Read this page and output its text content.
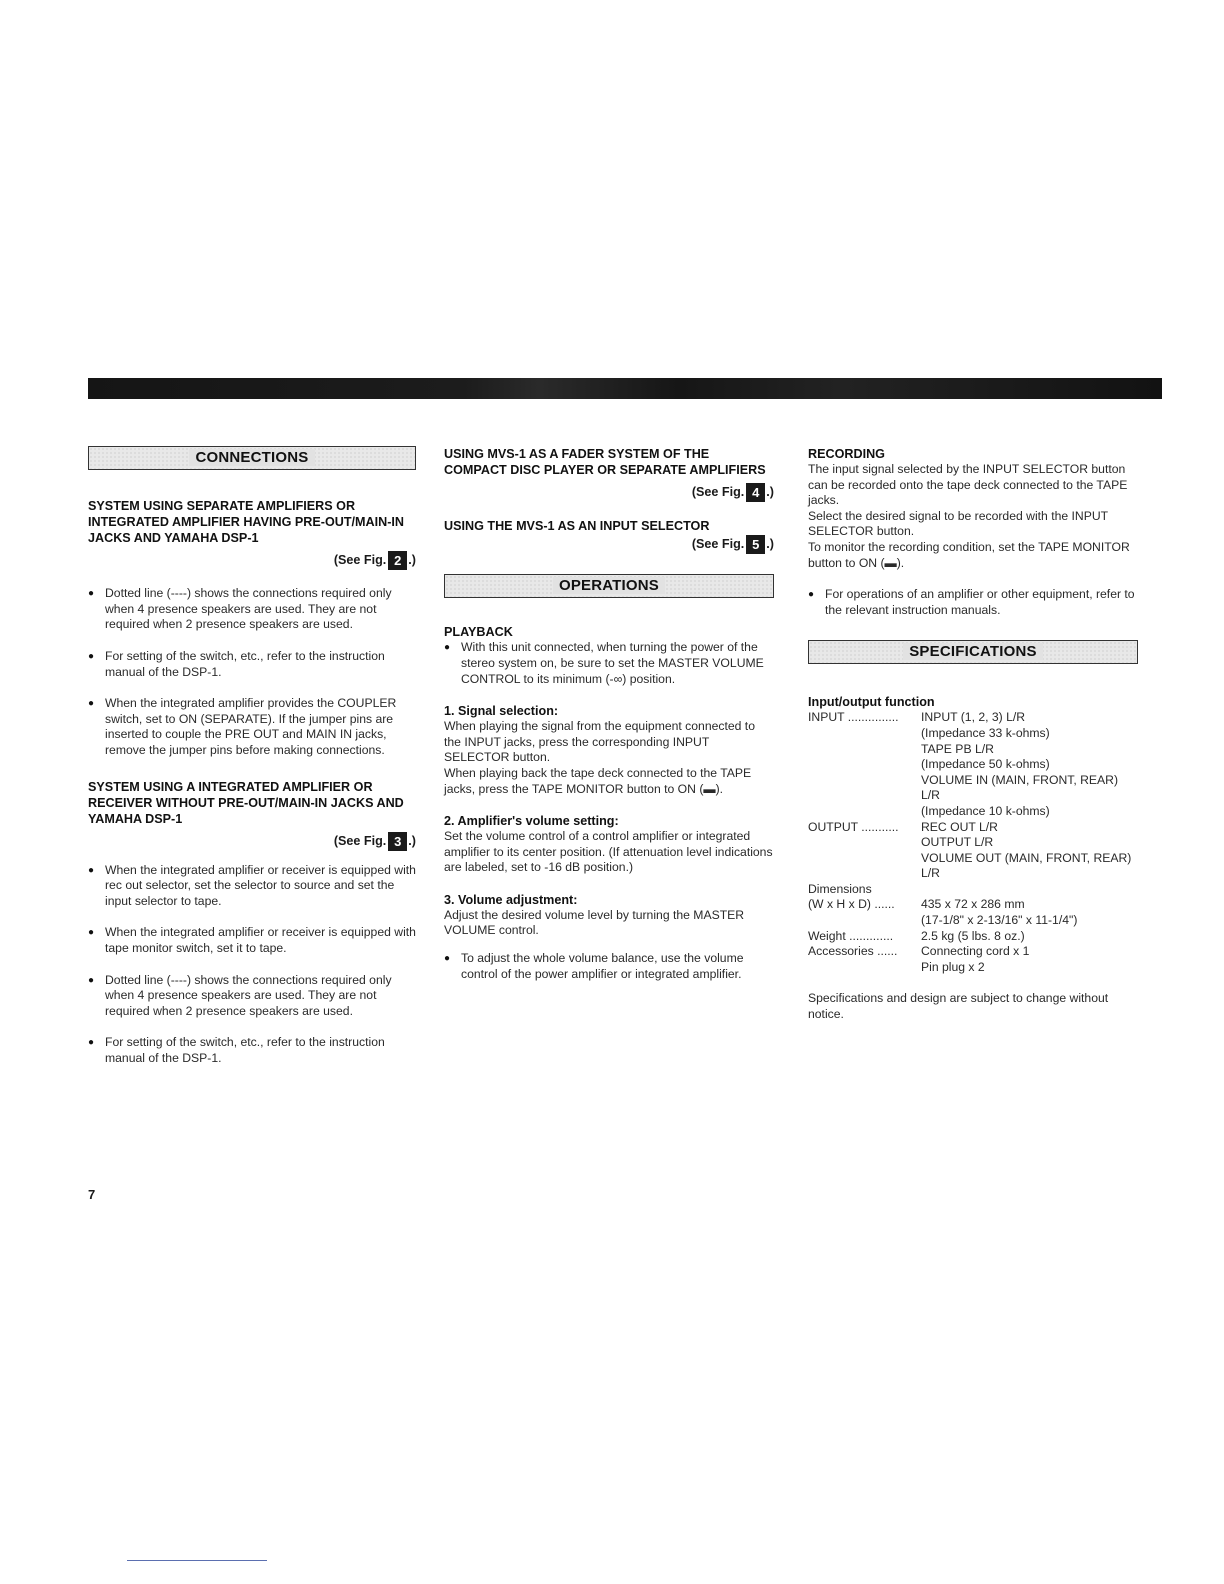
CONNECTIONS
SYSTEM USING SEPARATE AMPLIFIERS OR INTEGRATED AMPLIFIER HAVING PRE-OUT/MAIN-IN JACKS AND YAMAHA DSP-1
(See Fig. 2 .)
● Dotted line (----) shows the connections required only when 4 presence speakers are used. They are not required when 2 presence speakers are used.
● For setting of the switch, etc., refer to the instruction manual of the DSP-1.
● When the integrated amplifier provides the COUPLER switch, set to ON (SEPARATE). If the jumper pins are inserted to couple the PRE OUT and MAIN IN jacks, remove the jumper pins before making connections.
SYSTEM USING A INTEGRATED AMPLIFIER OR RECEIVER WITHOUT PRE-OUT/MAIN-IN JACKS AND YAMAHA DSP-1
(See Fig. 3 .)
● When the integrated amplifier or receiver is equipped with rec out selector, set the selector to source and set the input selector to tape.
● When the integrated amplifier or receiver is equipped with tape monitor switch, set it to tape.
● Dotted line (----) shows the connections required only when 4 presence speakers are used. They are not required when 2 presence speakers are used.
● For setting of the switch, etc., refer to the instruction manual of the DSP-1.
USING MVS-1 AS A FADER SYSTEM OF THE COMPACT DISC PLAYER OR SEPARATE AMPLIFIERS
(See Fig. 4 .)
USING THE MVS-1 AS AN INPUT SELECTOR
(See Fig. 5 .)
OPERATIONS
PLAYBACK
● With this unit connected, when turning the power of the stereo system on, be sure to set the MASTER VOLUME CONTROL to its minimum (-∞) position.
1. Signal selection:

When playing the signal from the equipment connected to the INPUT jacks, press the corresponding INPUT SELECTOR button.

When playing back the tape deck connected to the TAPE jacks, press the TAPE MONITOR button to ON (▬).

2. Amplifier's volume setting:

Set the volume control of a control amplifier or integrated amplifier to its center position. (If attenuation level indications are labeled, set to -16 dB position.)

3. Volume adjustment:

Adjust the desired volume level by turning the MASTER VOLUME control.

● To adjust the whole volume balance, use the volume control of the power amplifier or integrated amplifier.
RECORDING

The input signal selected by the INPUT SELECTOR button can be recorded onto the tape deck connected to the TAPE jacks.

Select the desired signal to be recorded with the INPUT SELECTOR button.

To monitor the recording condition, set the TAPE MONITOR button to ON (▬).

● For operations of an amplifier or other equipment, refer to the relevant instruction manuals.
SPECIFICATIONS
Input/output function
INPUT ...............	INPUT (1, 2, 3) L/R
(Impedance 33 k-ohms)
TAPE PB L/R
(Impedance 50 k-ohms)
VOLUME IN (MAIN, FRONT, REAR) L/R
(Impedance 10 k-ohms)
OUTPUT ...........	REC OUT L/R
OUTPUT L/R
VOLUME OUT (MAIN, FRONT, REAR) L/R
Dimensions
(W x H x D) ......	435 x 72 x 286 mm
(17-1/8" x 2-13/16" x 11-1/4")
Weight .............	2.5 kg (5 lbs. 8 oz.)
Accessories ......	Connecting cord x 1
Pin plug x 2

Specifications and design are subject to change without notice.

7
